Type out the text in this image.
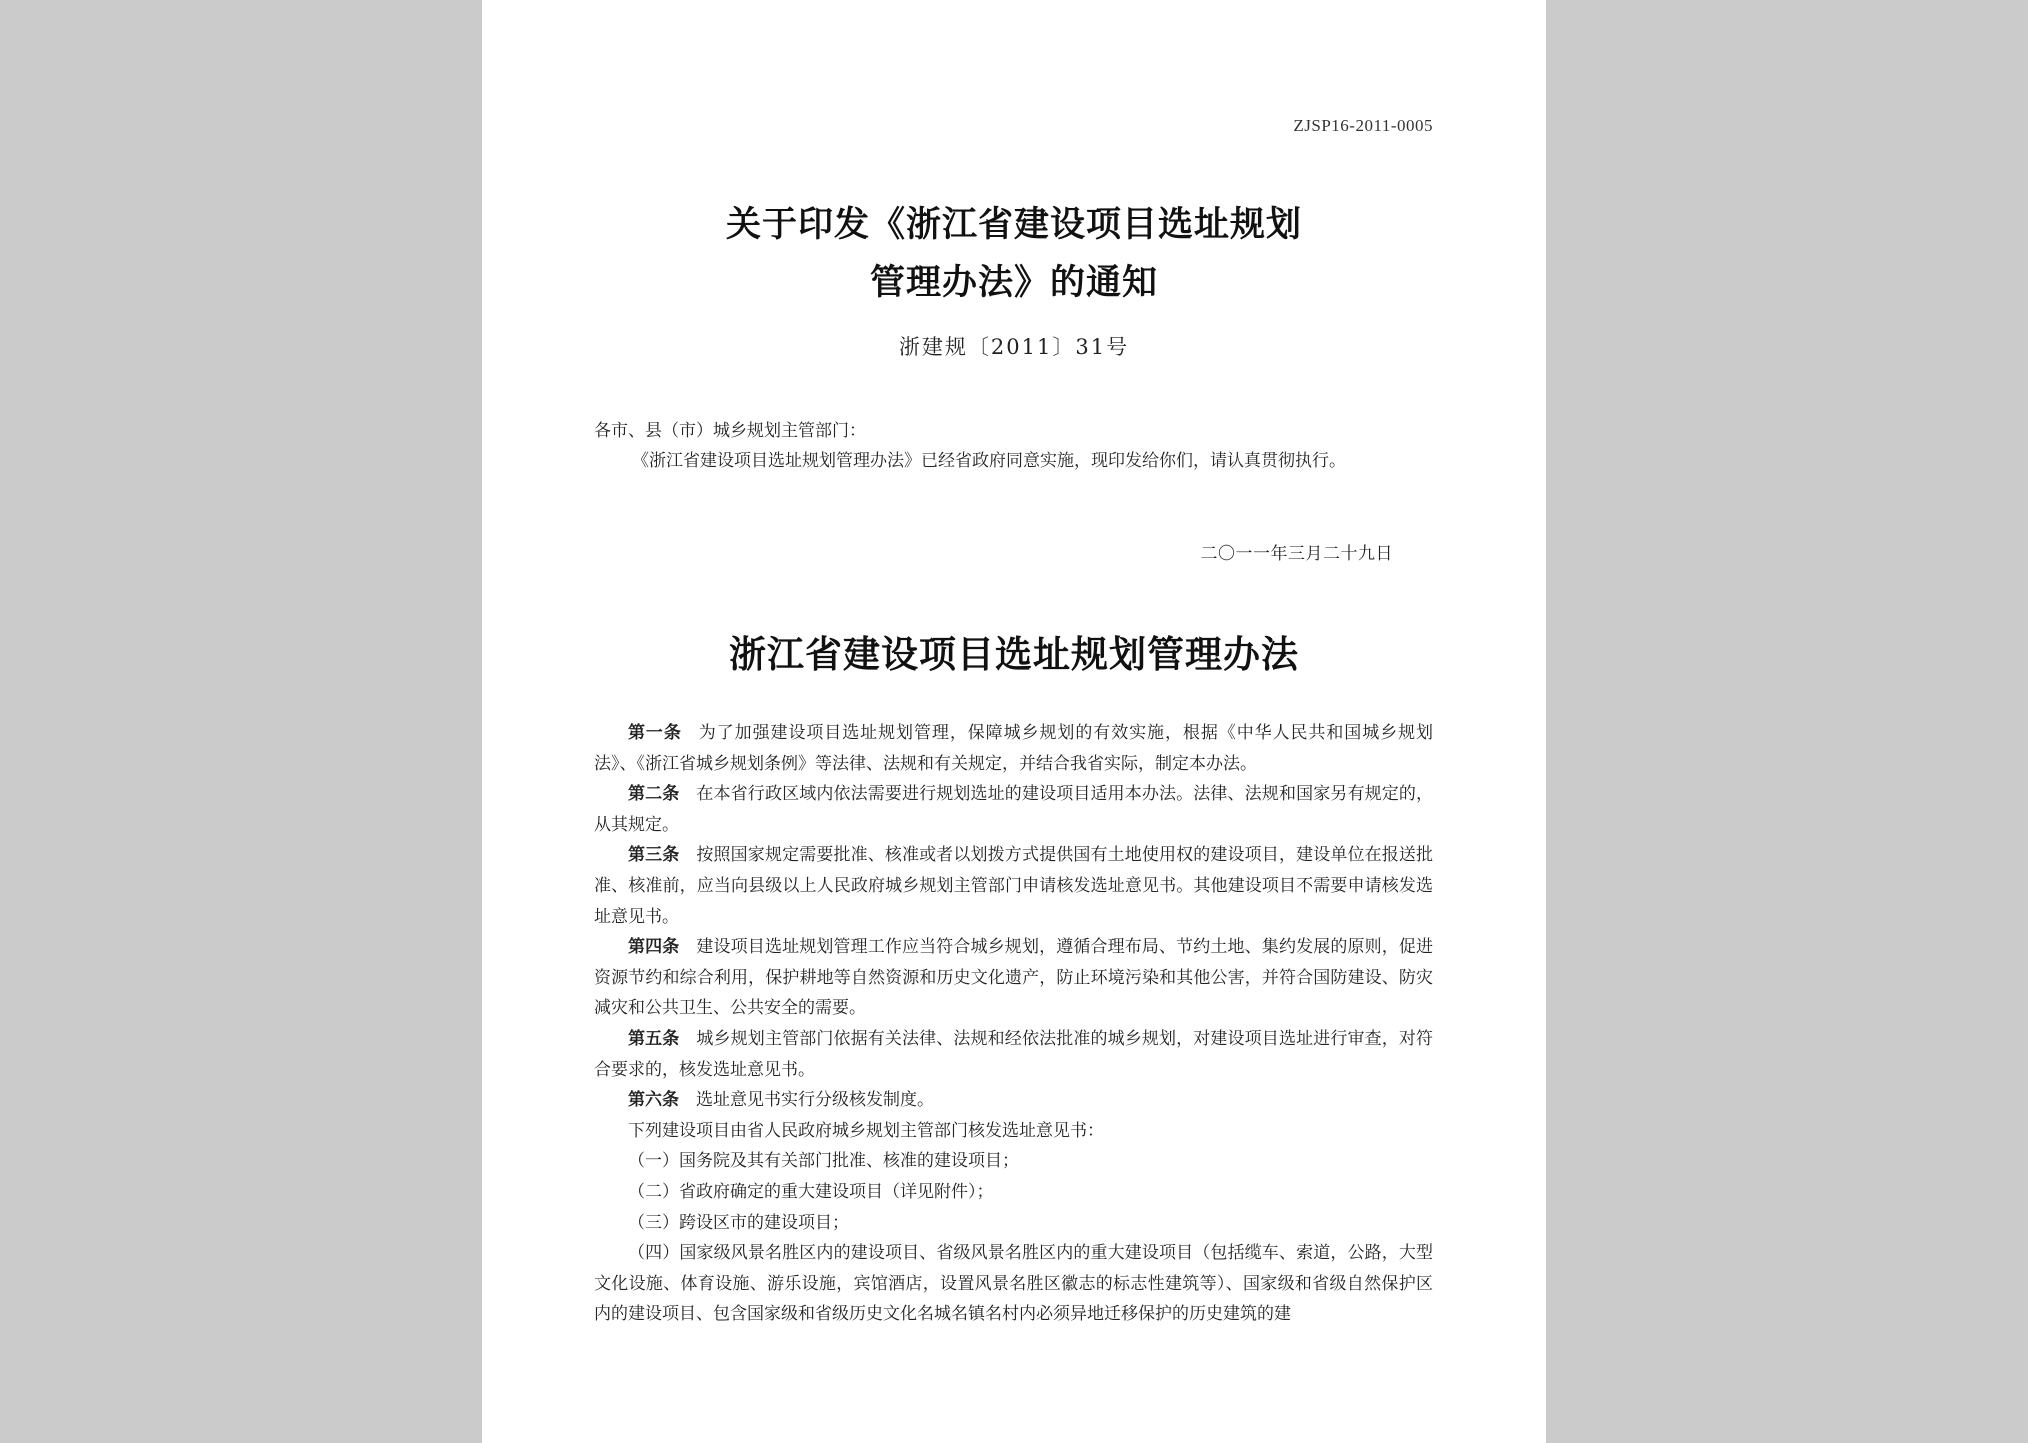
ZJSP16-2011-0005
关于印发《浙江省建设项目选址规划
管理办法》的通知
浙建规〔2011〕31号
各市、县（市）城乡规划主管部门：
《浙江省建设项目选址规划管理办法》已经省政府同意实施，现印发给你们，请认真贯彻执行。
二〇一一年三月二十九日
浙江省建设项目选址规划管理办法

第一条 为了加强建设项目选址规划管理，保障城乡规划的有效实施，根据《中华人民共和国城乡规划法》、《浙江省城乡规划条例》等法律、法规和有关规定，并结合我省实际，制定本办法。

第二条 在本省行政区域内依法需要进行规划选址的建设项目适用本办法。法律、法规和国家另有规定的，从其规定。

第三条 按照国家规定需要批准、核准或者以划拨方式提供国有土地使用权的建设项目，建设单位在报送批准、核准前，应当向县级以上人民政府城乡规划主管部门申请核发选址意见书。其他建设项目不需要申请核发选址意见书。

第四条 建设项目选址规划管理工作应当符合城乡规划，遵循合理布局、节约土地、集约发展的原则，促进资源节约和综合利用，保护耕地等自然资源和历史文化遗产，防止环境污染和其他公害，并符合国防建设、防灾减灾和公共卫生、公共安全的需要。

第五条 城乡规划主管部门依据有关法律、法规和经依法批准的城乡规划，对建设项目选址进行审查，对符合要求的，核发选址意见书。

第六条 选址意见书实行分级核发制度。

下列建设项目由省人民政府城乡规划主管部门核发选址意见书：

（一）国务院及其有关部门批准、核准的建设项目；

（二）省政府确定的重大建设项目（详见附件）；

（三）跨设区市的建设项目；

（四）国家级风景名胜区内的建设项目、省级风景名胜区内的重大建设项目（包括缆车、索道，公路，大型文化设施、体育设施、游乐设施，宾馆酒店，设置风景名胜区徽志的标志性建筑等）、国家级和省级自然保护区内的建设项目、包含国家级和省级历史文化名城名镇名村内必须异地迁移保护的历史建筑的建
